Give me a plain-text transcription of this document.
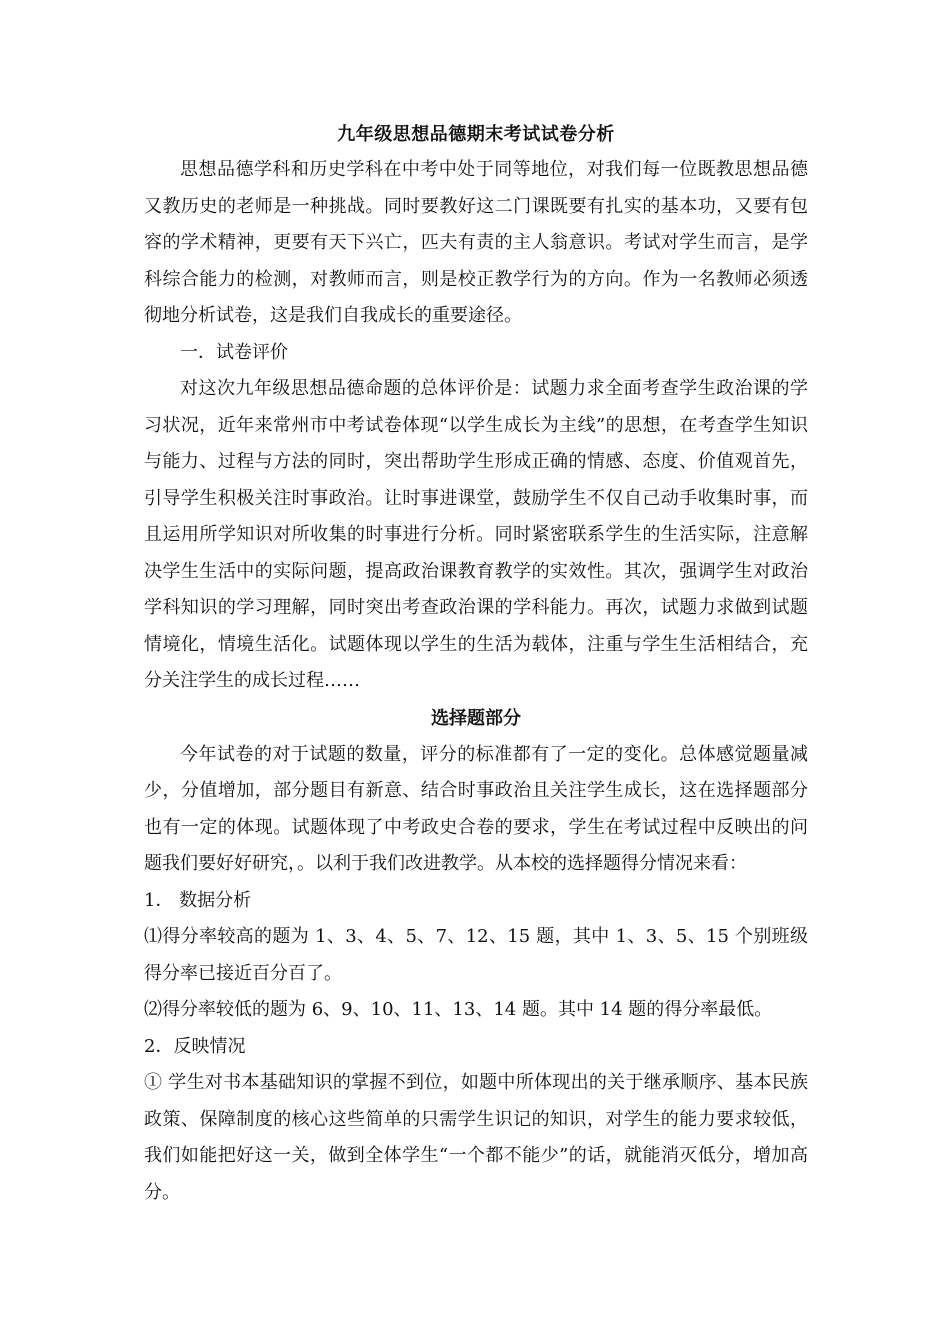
九年级思想品德期末考试试卷分析

思想品德学科和历史学科在中考中处于同等地位，对我们每一位既教思想品德又教历史的老师是一种挑战。同时要教好这二门课既要有扎实的基本功，又要有包容的学术精神，更要有天下兴亡，匹夫有责的主人翁意识。考试对学生而言，是学科综合能力的检测，对教师而言，则是校正教学行为的方向。作为一名教师必须透彻地分析试卷，这是我们自我成长的重要途径。

一．试卷评价

对这次九年级思想品德命题的总体评价是：试题力求全面考查学生政治课的学习状况，近年来常州市中考试卷体现“以学生成长为主线”的思想，在考查学生知识与能力、过程与方法的同时，突出帮助学生形成正确的情感、态度、价值观首先，引导学生积极关注时事政治。让时事进课堂，鼓励学生不仅自己动手收集时事，而且运用所学知识对所收集的时事进行分析。同时紧密联系学生的生活实际，注意解决学生生活中的实际问题，提高政治课教育教学的实效性。其次，强调学生对政治学科知识的学习理解，同时突出考查政治课的学科能力。再次，试题力求做到试题情境化，情境生活化。试题体现以学生的生活为载体，注重与学生生活相结合，充分关注学生的成长过程……

选择题部分

今年试卷的对于试题的数量，评分的标准都有了一定的变化。总体感觉题量减少，分值增加，部分题目有新意、结合时事政治且关注学生成长，这在选择题部分也有一定的体现。试题体现了中考政史合卷的要求，学生在考试过程中反映出的问题我们要好好研究，。以利于我们改进教学。从本校的选择题得分情况来看：

1． 数据分析

⑴得分率较高的题为 1、3、4、5、7、12、15 题，其中 1、3、5、15 个别班级得分率已接近百分百了。

⑵得分率较低的题为 6、9、10、11、13、14 题。其中 14 题的得分率最低。

2．反映情况

① 学生对书本基础知识的掌握不到位，如题中所体现出的关于继承顺序、基本民族政策、保障制度的核心这些简单的只需学生识记的知识，对学生的能力要求较低，我们如能把好这一关，做到全体学生“一个都不能少”的话，就能消灭低分，增加高分。
